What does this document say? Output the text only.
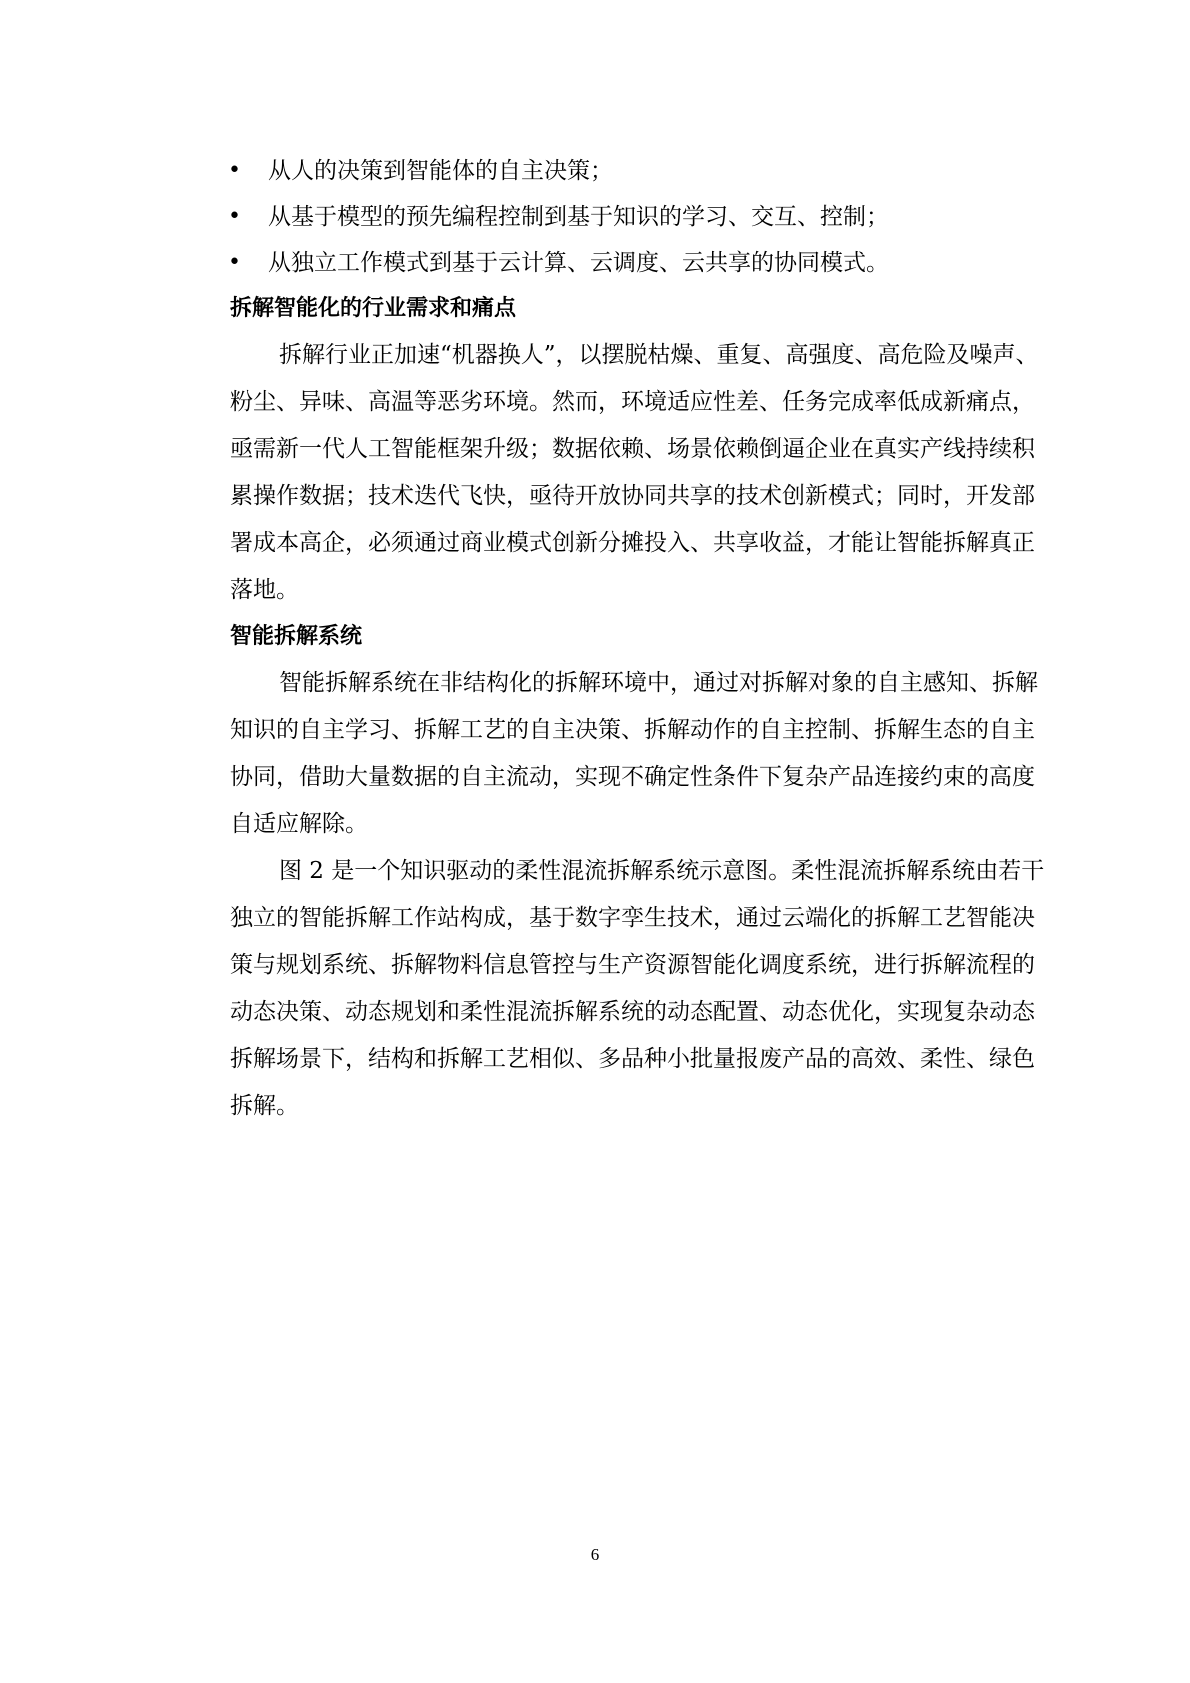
• 从人的决策到智能体的自主决策；
• 从基于模型的预先编程控制到基于知识的学习、交互、控制；
• 从独立工作模式到基于云计算、云调度、云共享的协同模式。
拆解智能化的行业需求和痛点
拆解行业正加速“机器换人”，以摆脱枯燥、重复、高强度、高危险及噪声、
粉尘、异味、高温等恶劣环境。然而，环境适应性差、任务完成率低成新痛点，
亟需新一代人工智能框架升级；数据依赖、场景依赖倒逼企业在真实产线持续积
累操作数据；技术迭代飞快，亟待开放协同共享的技术创新模式；同时，开发部
署成本高企，必须通过商业模式创新分摊投入、共享收益，才能让智能拆解真正
落地。
智能拆解系统
智能拆解系统在非结构化的拆解环境中，通过对拆解对象的自主感知、拆解
知识的自主学习、拆解工艺的自主决策、拆解动作的自主控制、拆解生态的自主
协同，借助大量数据的自主流动，实现不确定性条件下复杂产品连接约束的高度
自适应解除。
图 2 是一个知识驱动的柔性混流拆解系统示意图。柔性混流拆解系统由若干
独立的智能拆解工作站构成，基于数字孪生技术，通过云端化的拆解工艺智能决
策与规划系统、拆解物料信息管控与生产资源智能化调度系统，进行拆解流程的
动态决策、动态规划和柔性混流拆解系统的动态配置、动态优化，实现复杂动态
拆解场景下，结构和拆解工艺相似、多品种小批量报废产品的高效、柔性、绿色
拆解。
6
